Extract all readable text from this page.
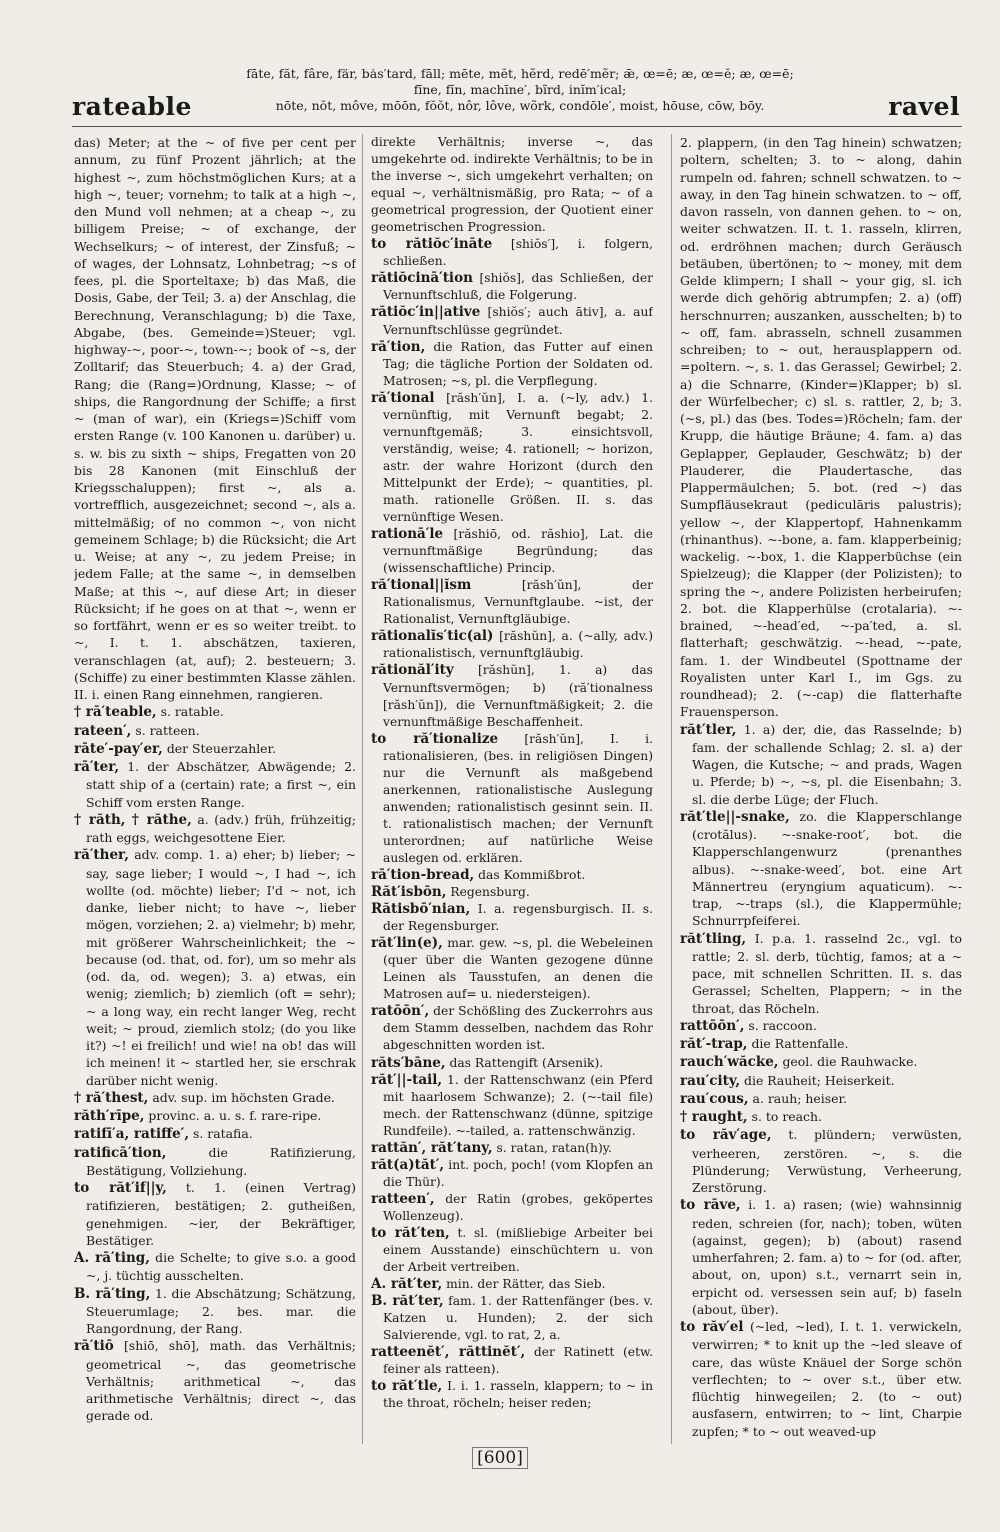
rateable
fāte, făt, fâre, fär, bȧs′tard, fāll; mēte, mĕt, hẽrd, redē′mẽr; ǣ, œ=ē; æ, œ=ĕ; æ, œ=ē;
fīne, fĭn, machīne′, bĩrd, inĭm′ical;
nōte, nŏt, môve, mōōn, fŏŏt, nôr, lôve, wõrk, condōle′, moist, hōuse, cōw, bōy.	ravel

das) Meter; at the ~ of five per cent per annum, zu fünf Prozent jährlich; at the highest ~, zum höchstmöglichen Kurs; at a high ~, teuer; vornehm; to talk at a high ~, den Mund voll nehmen; at a cheap ~, zu billigem Preise; ~ of exchange, der Wechselkurs; ~ of interest, der Zinsfuß; ~ of wages, der Lohnsatz, Lohnbetrag; ~s of fees, pl. die Sporteltaxe; b) das Maß, die Dosis, Gabe, der Teil; 3. a) der Anschlag, die Berechnung, Veranschlagung; b) die Taxe, Abgabe, (bes. Gemeinde=)Steuer; vgl. highway-~, poor-~, town-~; book of ~s, der Zolltarif; das Steuerbuch; 4. a) der Grad, Rang; die (Rang=)Ordnung, Klasse; ~ of ships, die Rangordnung der Schiffe; a first ~ (man of war), ein (Kriegs=)Schiff vom ersten Range (v. 100 Kanonen u. darüber) u. s. w. bis zu sixth ~ ships, Fregatten von 20 bis 28 Kanonen (mit Einschluß der Kriegsschaluppen); first ~, als a. vortrefflich, ausgezeichnet; second ~, als a. mittelmäßig; of no common ~, von nicht gemeinem Schlage; b) die Rücksicht; die Art u. Weise; at any ~, zu jedem Preise; in jedem Falle; at the same ~, in demselben Maße; at this ~, auf diese Art; in dieser Rücksicht; if he goes on at that ~, wenn er so fortfährt, wenn er es so weiter treibt. to ~, I. t. 1. abschätzen, taxieren, veranschlagen (at, auf); 2. besteuern; 3. (Schiffe) zu einer bestimmten Klasse zählen. II. i. einen Rang einnehmen, rangieren.

† rā′teable, s. ratable.

rateen′, s. ratteen.

rāte′-pay′er, der Steuerzahler.

rā′ter, 1. der Abschätzer, Abwägende; 2. statt ship of a (certain) rate; a first ~, ein Schiff vom ersten Range.

† răth, † răthe, a. (adv.) früh, frühzeitig; rath eggs, weichgesottene Eier.

ră′ther, adv. comp. 1. a) eher; b) lieber; ~ say, sage lieber; I would ~, I had ~, ich wollte (od. möchte) lieber; I'd ~ not, ich danke, lieber nicht; to have ~, lieber mögen, vorziehen; 2. a) vielmehr; b) mehr, mit größerer Wahrscheinlichkeit; the ~ because (od. that, od. for), um so mehr als (od. da, od. wegen); 3. a) etwas, ein wenig; ziemlich; b) ziemlich (oft = sehr); ~ a long way, ein recht langer Weg, recht weit; ~ proud, ziemlich stolz; (do you like it?) ~! ei freilich! und wie! na ob! das will ich meinen! it ~ startled her, sie erschrak darüber nicht wenig.

† ră′thest, adv. sup. im höchsten Grade.

răth′rīpe, provinc. a. u. s. f. rare-ripe.

ratifī′a, ratiffe′, s. ratafia.

ratificā′tion, die Ratifizierung, Bestätigung, Vollziehung.

to răt′if||y, t. 1. (einen Vertrag) ratifizieren, bestätigen; 2. gutheißen, genehmigen. ~ier, der Bekräftiger, Bestätiger.

A. rā′ting, die Schelte; to give s.o. a good ~, j. tüchtig ausschelten.

B. rā′ting, 1. die Abschätzung; Schätzung, Steuerumlage; 2. bes. mar. die Rangordnung, der Rang.

rā′tiō [shiō, shō], math. das Verhältnis; geometrical ~, das geometrische Verhältnis; arithmetical ~, das arithmetische Verhältnis; direct ~, das gerade od.

direkte Verhältnis; inverse ~, das umgekehrte od. indirekte Verhältnis; to be in the inverse ~, sich umgekehrt verhalten; on equal ~, verhältnismäßig, pro Rata; ~ of a geometrical progression, der Quotient einer geometrischen Progression.

to rătiŏc′ināte [shiŏs′], i. folgern, schließen.

rătiŏcinā′tion [shiŏs], das Schließen, der Vernunftschluß, die Folgerung.

rătiŏc′in||ative [shiŏs′; auch ātiv], a. auf Vernunftschlüsse gegründet.

rā′tion, die Ration, das Futter auf einen Tag; die tägliche Portion der Soldaten od. Matrosen; ~s, pl. die Verpflegung.

ră′tional [răsh′ŭn], I. a. (~ly, adv.) 1. vernünftig, mit Vernunft begabt; 2. vernunftgemäß; 3. einsichtsvoll, verständig, weise; 4. rationell; ~ horizon, astr. der wahre Horizont (durch den Mittelpunkt der Erde); ~ quantities, pl. math. rationelle Größen. II. s. das vernünftige Wesen.

rationā′le [răshiō, od. răshio], Lat. die vernunftmäßige Begründung; das (wissenschaftliche) Princip.

ră′tional||ĭsm [răsh′ŭn], der Rationalismus, Vernunftglaube. ~ist, der Rationalist, Vernunftgläubige.

rătionalĭs′tic(al) [răshŭn], a. (~ally, adv.) rationalistisch, vernunftgläubig.

rătionăl′ity [răshŭn], 1. a) das Vernunftsvermögen; b) (ră′tionalness [răsh′ŭn]), die Vernunftmäßigkeit; 2. die vernunftmäßige Beschaffenheit.

to ră′tionalize [răsh′ŭn], I. i. rationalisieren, (bes. in religiösen Dingen) nur die Vernunft als maßgebend anerkennen, rationalistische Auslegung anwenden; rationalistisch gesinnt sein. II. t. rationalistisch machen; der Vernunft unterordnen; auf natürliche Weise auslegen od. erklären.

rā′tion-bread, das Kommißbrot.

Răt′isbōn, Regensburg.

Rătisbō′nian, I. a. regensburgisch. II. s. der Regensburger.

răt′lin(e), mar. gew. ~s, pl. die Webeleinen (quer über die Wanten gezogene dünne Leinen als Tausstufen, an denen die Matrosen auf= u. niedersteigen).

ratōōn′, der Schößling des Zuckerrohrs aus dem Stamm desselben, nachdem das Rohr abgeschnitten worden ist.

răts′bāne, das Rattengift (Arsenik).

răt′||-tail, 1. der Rattenschwanz (ein Pferd mit haarlosem Schwanze); 2. (~-tail file) mech. der Rattenschwanz (dünne, spitzige Rundfeile). ~-tailed, a. rattenschwänzig.

rattăn′, răt′tany, s. ratan, ratan(h)y.

răt(a)tăt′, int. poch, poch! (vom Klopfen an die Thür).

ratteen′, der Ratin (grobes, geköpertes Wollenzeug).

to răt′ten, t. sl. (mißliebige Arbeiter bei einem Ausstande) einschüchtern u. von der Arbeit vertreiben.

A. răt′ter, min. der Rätter, das Sieb.

B. răt′ter, fam. 1. der Rattenfänger (bes. v. Katzen u. Hunden); 2. der sich Salvierende, vgl. to rat, 2, a.

ratteenĕt′, răttinĕt′, der Ratinett (etw. feiner als ratteen).

to răt′tle, I. i. 1. rasseln, klappern; to ~ in the throat, röcheln; heiser reden;

2. plappern, (in den Tag hinein) schwatzen; poltern, schelten; 3. to ~ along, dahin rumpeln od. fahren; schnell schwatzen. to ~ away, in den Tag hinein schwatzen. to ~ off, davon rasseln, von dannen gehen. to ~ on, weiter schwatzen. II. t. 1. rasseln, klirren, od. erdröhnen machen; durch Geräusch betäuben, übertönen; to ~ money, mit dem Gelde klimpern; I shall ~ your gig, sl. ich werde dich gehörig abtrumpfen; 2. a) (off) herschnurren; auszanken, ausschelten; b) to ~ off, fam. abrasseln, schnell zusammen schreiben; to ~ out, herausplappern od. =poltern. ~, s. 1. das Gerassel; Gewirbel; 2. a) die Schnarre, (Kinder=)Klapper; b) sl. der Würfelbecher; c) sl. s. rattler, 2, b; 3. (~s, pl.) das (bes. Todes=)Röcheln; fam. der Krupp, die häutige Bräune; 4. fam. a) das Geplapper, Geplauder, Geschwätz; b) der Plauderer, die Plaudertasche, das Plappermäulchen; 5. bot. (red ~) das Sumpfläusekraut (pediculāris palustris); yellow ~, der Klappertopf, Hahnenkamm (rhinanthus). ~-bone, a. fam. klapperbeinig; wackelig. ~-box, 1. die Klapperbüchse (ein Spielzeug); die Klapper (der Polizisten); to spring the ~, andere Polizisten herbeirufen; 2. bot. die Klapperhülse (crotalaria). ~-brained, ~-head′ed, ~-pa′ted, a. sl. flatterhaft; geschwätzig. ~-head, ~-pate, fam. 1. der Windbeutel (Spottname der Royalisten unter Karl I., im Ggs. zu roundhead); 2. (~-cap) die flatterhafte Frauensperson.

răt′tler, 1. a) der, die, das Rasselnde; b) fam. der schallende Schlag; 2. sl. a) der Wagen, die Kutsche; ~ and prads, Wagen u. Pferde; b) ~, ~s, pl. die Eisenbahn; 3. sl. die derbe Lüge; der Fluch.

răt′tle||-snake, zo. die Klapperschlange (crotălus). ~-snake-root′, bot. die Klapperschlangenwurz (prenanthes albus). ~-snake-weed′, bot. eine Art Männertreu (eryngium aquaticum). ~-trap, ~-traps (sl.), die Klappermühle; Schnurrpfeiferei.

răt′tling, I. p.a. 1. rasselnd 2c., vgl. to rattle; 2. sl. derb, tüchtig, famos; at a ~ pace, mit schnellen Schritten. II. s. das Gerassel; Schelten, Plappern; ~ in the throat, das Röcheln.

rattōōn′, s. raccoon.

răt′-trap, die Rattenfalle.

rauch′wăcke, geol. die Rauhwacke.

rau′city, die Rauheit; Heiserkeit.

rau′cous, a. rauh; heiser.

† raught, s. to reach.

to răv′age, t. plündern; verwüsten, verheeren, zerstören. ~, s. die Plünderung; Verwüstung, Verheerung, Zerstörung.

to rāve, i. 1. a) rasen; (wie) wahnsinnig reden, schreien (for, nach); toben, wüten (against, gegen); b) (about) rasend umherfahren; 2. fam. a) to ~ for (od. after, about, on, upon) s.t., vernarrt sein in, erpicht od. versessen sein auf; b) faseln (about, über).

to răv′el (~led, ~led), I. t. 1. verwickeln, verwirren; * to knit up the ~led sleave of care, das wüste Knäuel der Sorge schön verflechten; to ~ over s.t., über etw. flüchtig hinwegeilen; 2. (to ~ out) ausfasern, entwirren; to ~ lint, Charpie zupfen; * to ~ out weaved-up

[600]
